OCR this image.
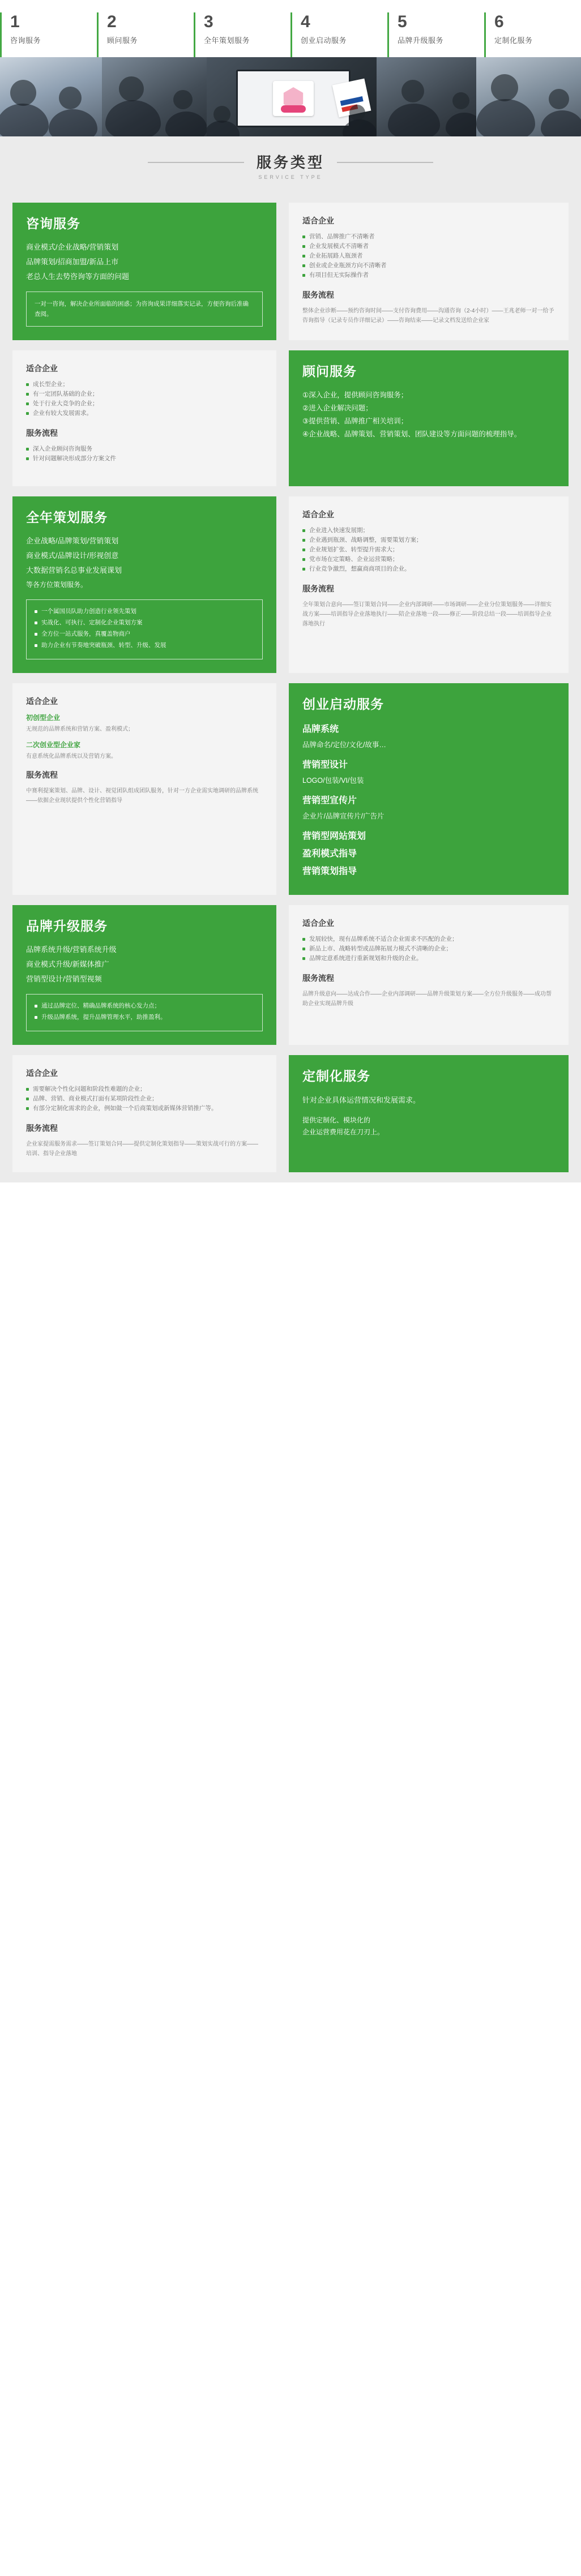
1
咨询服务
2
顾问服务
3
全年策划服务
4
创业启动服务
5
品牌升级服务
6
定制化服务
服务类型
SERVICE TYPE
咨询服务

商业模式/企业战略/营销策划

品牌策划/招商加盟/新品上市

老总人生去势咨询等方面的问题

一对一咨询，解决企业所面临的困惑；为咨询成果详细落实记录，方便咨询后准确查阅。
适合企业
营销、品牌推广不清晰者
企业发展模式不清晰者
企业拓展路人瓶颈者
创业或企业瓶颈方向不清晰者
有项目但无实际操作者
服务流程
整体企业诊断——预约咨询时间——支付咨询费用——沟通咨询（2-4小时）——王兆老师一对一给予咨询指导（记录专员作详细记录）——咨询结束——记录文档发送给企业家
适合企业
成长型企业；
有一定团队基础的企业；
处于行业大竞争的企业；
企业有较大发展需求。
服务流程
深入企业顾问咨询服务
针对问题解决形成部分方案文件
顾问服务
①深入企业，提供顾问咨询服务；
②进入企业解决问题；
③提供营销、品牌推广相关培训；
④企业战略、品牌策划、营销策划、团队建设等方面问题的梳理指导。
全年策划服务

企业战略/品牌策划/营销策划

商业模式/品牌设计/形视创意

大数据营销名总事业发展课划

等各方位策划服务。

一个属国员队助力创造行业领先策划
实战化、可执行、定制化企业策划方案
全方位一站式服务，真覆盖物商户
助力企业有节奏地突破瓶颈、转型、升级、发展
适合企业
企业进入快速发展期；
企业遇到瓶颈、战略调整，需要策划方案；
企业规划扩张、转型提升需求大；
党市场在定策略、企业运营策略；
行业竞争激烈，想赢商商项目的企业。
服务流程
全年策划合意向——签订策划合同——企业内部调研——市场调研——企业分位策划服务——详细实战方案——培训指导企业落地执行——陪企业落地一段——修正——阶段总结一段——培训指导企业落地执行
适合企业
初创型企业
无规范的品牌系统和营销方案、盈利模式；
二次创业型企业家
有意系统化品牌系统以及营销方案。
服务流程
中赛利提案策划、品牌、设计、视觉团队组成团队服务，针对一方企业需实地调研的品牌系统——依据企业现状提供个性化营销指导
创业启动服务
品牌系统
品牌命名/定位/文化/故事…
营销型设计
LOGO/包装/VI/包装
营销型宣传片
企业片/品牌宣传片/广告片
营销型网站策划
盈利模式指导
营销策划指导
品牌升级服务

品牌系统升级/营销系统升级

商业模式升级/新媒体推广

营销型设计/营销型视频

通过品牌定位、精确品牌系统的核心发力点；
升级品牌系统，提升品牌管理水平，助推盈利。
适合企业
发展较快，现有品牌系统不适合企业需求不匹配的企业；
新品上市、战略转型或品牌拓展力模式不清晰的企业；
品牌定意系统进行重新规划和升级的企业。
服务流程
品牌升级意向——达成合作——企业内部调研——品牌升级策划方案——全方位升级服务——成功帮助企业实现品牌升级
适合企业
需要解决个性化问题和阶段性难题的企业；
品牌、营销、商业模式打面有某项阶段性企业；
有部分定制化需求的企业，例如做一个后商策划或新媒体营销推广等。
服务流程
企业家提需服务需求——签订策划合同——提供定制化策划指导——策划实战可行的方案——培训、指导企业落地
定制化服务
针对企业具体运营情况和发展需求。
提供定制化、模块化的
企业运营费用花在刀刃上。
